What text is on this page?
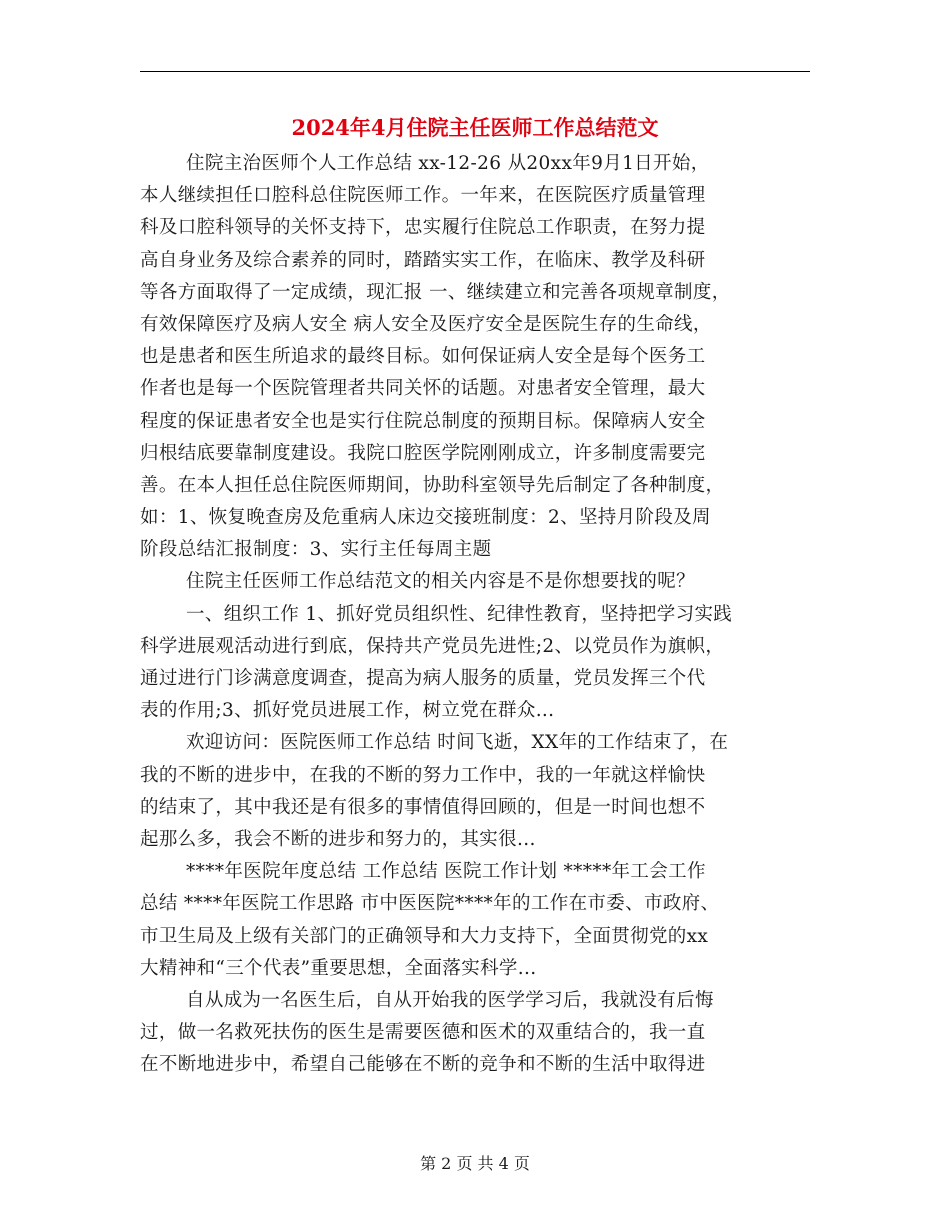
2024年4月住院主任医师工作总结范文
住院主治医师个人工作总结 xx-12-26 从20xx年9月1日开始，
本人继续担任口腔科总住院医师工作。一年来，在医院医疗质量管理
科及口腔科领导的关怀支持下，忠实履行住院总工作职责，在努力提
高自身业务及综合素养的同时，踏踏实实工作，在临床、教学及科研
等各方面取得了一定成绩，现汇报 一、继续建立和完善各项规章制度，
有效保障医疗及病人安全 病人安全及医疗安全是医院生存的生命线，
也是患者和医生所追求的最终目标。如何保证病人安全是每个医务工
作者也是每一个医院管理者共同关怀的话题。对患者安全管理，最大
程度的保证患者安全也是实行住院总制度的预期目标。保障病人安全
归根结底要靠制度建设。我院口腔医学院刚刚成立，许多制度需要完
善。在本人担任总住院医师期间，协助科室领导先后制定了各种制度，
如：1、恢复晚查房及危重病人床边交接班制度：2、坚持月阶段及周
阶段总结汇报制度：3、实行主任每周主题
住院主任医师工作总结范文的相关内容是不是你想要找的呢？
一、组织工作 1、抓好党员组织性、纪律性教育，坚持把学习实践
科学进展观活动进行到底，保持共产党员先进性;2、以党员作为旗帜，
通过进行门诊满意度调查，提高为病人服务的质量，党员发挥三个代
表的作用;3、抓好党员进展工作，树立党在群众...
欢迎访问：医院医师工作总结 时间飞逝，XX年的工作结束了，在
我的不断的进步中，在我的不断的努力工作中，我的一年就这样愉快
的结束了，其中我还是有很多的事情值得回顾的，但是一时间也想不
起那么多，我会不断的进步和努力的，其实很...
****年医院年度总结 工作总结 医院工作计划 *****年工会工作
总结 ****年医院工作思路 市中医医院****年的工作在市委、市政府、
市卫生局及上级有关部门的正确领导和大力支持下，全面贯彻党的xx
大精神和“三个代表”重要思想，全面落实科学...
自从成为一名医生后，自从开始我的医学学习后，我就没有后悔
过，做一名救死扶伤的医生是需要医德和医术的双重结合的，我一直
在不断地进步中，希望自己能够在不断的竞争和不断的生活中取得进
第 2 页 共 4 页
